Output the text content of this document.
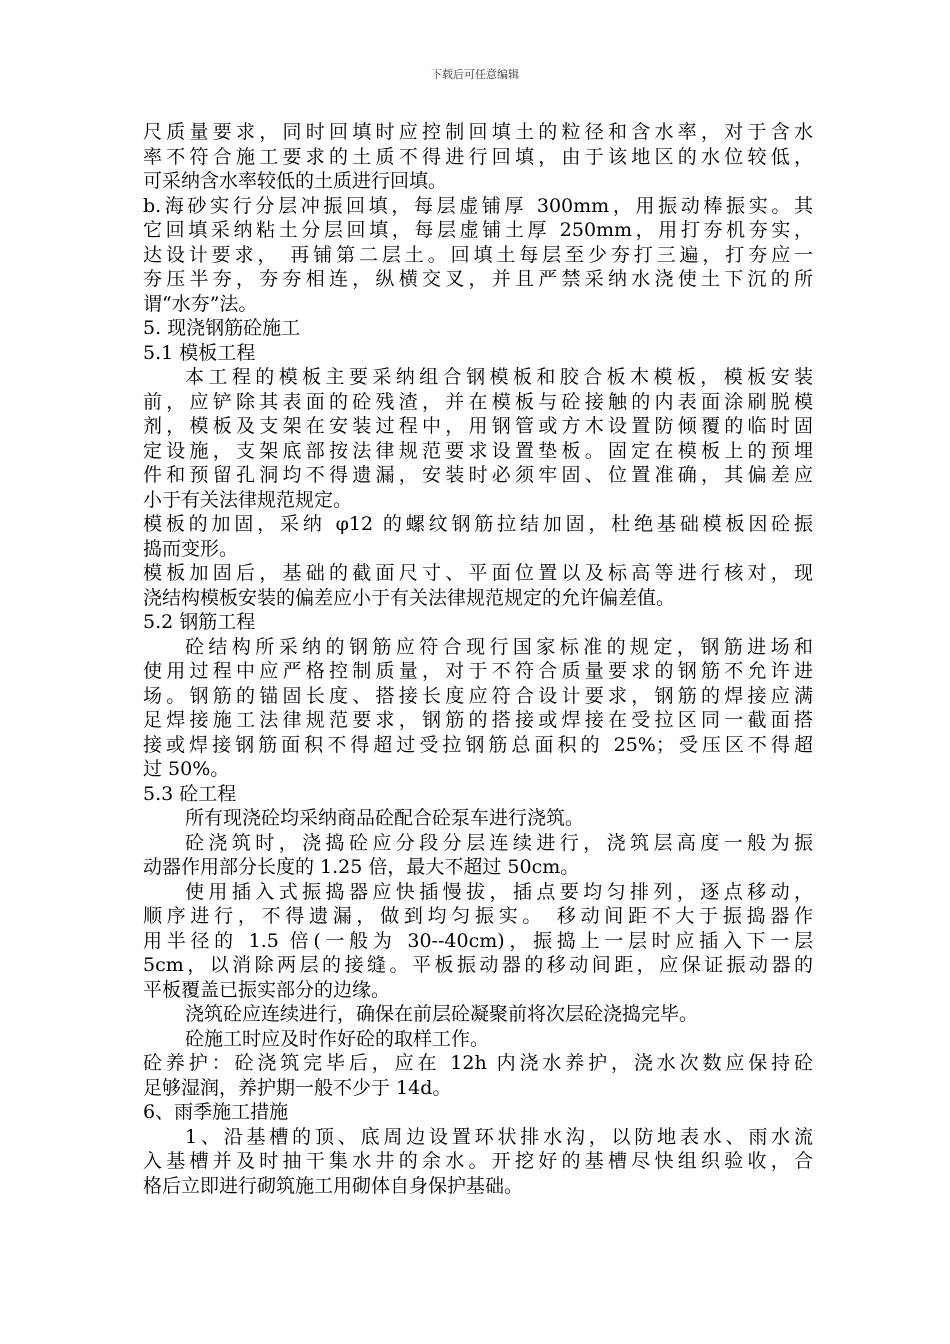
下载后可任意编辑
尺质量要求，同时回填时应控制回填土的粒径和含水率，对于含水
率不符合施工要求的土质不得进行回填，由于该地区的水位较低，
可采纳含水率较低的土质进行回填。
b.海砂实行分层冲振回填，每层虚铺厚 300mm，用振动棒振实。其
它回填采纳粘土分层回填，每层虚铺土厚 250mm，用打夯机夯实，
达设计要求， 再铺第二层土。回填土每层至少夯打三遍，打夯应一
夯压半夯，夯夯相连，纵横交叉，并且严禁采纳水浇使土下沉的所
谓“水夯”法。
5. 现浇钢筋砼施工
5.1 模板工程
本工程的模板主要采纳组合钢模板和胶合板木模板，模板安装
前，应铲除其表面的砼残渣，并在模板与砼接触的内表面涂刷脱模
剂，模板及支架在安装过程中，用钢管或方木设置防倾覆的临时固
定设施，支架底部按法律规范要求设置垫板。固定在模板上的预埋
件和预留孔洞均不得遗漏，安装时必须牢固、位置准确，其偏差应
小于有关法律规范规定。
模板的加固，采纳 φ12 的螺纹钢筋拉结加固，杜绝基础模板因砼振
捣而变形。
模板加固后，基础的截面尺寸、平面位置以及标高等进行核对，现
浇结构模板安装的偏差应小于有关法律规范规定的允许偏差值。
5.2 钢筋工程
砼结构所采纳的钢筋应符合现行国家标准的规定，钢筋进场和
使用过程中应严格控制质量，对于不符合质量要求的钢筋不允许进
场。钢筋的锚固长度、搭接长度应符合设计要求，钢筋的焊接应满
足焊接施工法律规范要求，钢筋的搭接或焊接在受拉区同一截面搭
接或焊接钢筋面积不得超过受拉钢筋总面积的 25%；受压区不得超
过 50%。
5.3 砼工程
所有现浇砼均采纳商品砼配合砼泵车进行浇筑。
砼浇筑时，浇捣砼应分段分层连续进行，浇筑层高度一般为振
动器作用部分长度的 1.25 倍，最大不超过 50cm。
使用插入式振捣器应快插慢拔，插点要均匀排列，逐点移动，
顺序进行，不得遗漏，做到均匀振实。 移动间距不大于振捣器作
用半径的 1.5 倍(一般为 30--40cm)，振捣上一层时应插入下一层
5cm，以消除两层的接缝。平板振动器的移动间距，应保证振动器的
平板覆盖已振实部分的边缘。
浇筑砼应连续进行，确保在前层砼凝聚前将次层砼浇捣完毕。
砼施工时应及时作好砼的取样工作。
砼养护：砼浇筑完毕后，应在 12h 内浇水养护，浇水次数应保持砼
足够湿润，养护期一般不少于 14d。
6、雨季施工措施
1、沿基槽的顶、底周边设置环状排水沟，以防地表水、雨水流
入基槽并及时抽干集水井的余水。开挖好的基槽尽快组织验收，合
格后立即进行砌筑施工用砌体自身保护基础。
